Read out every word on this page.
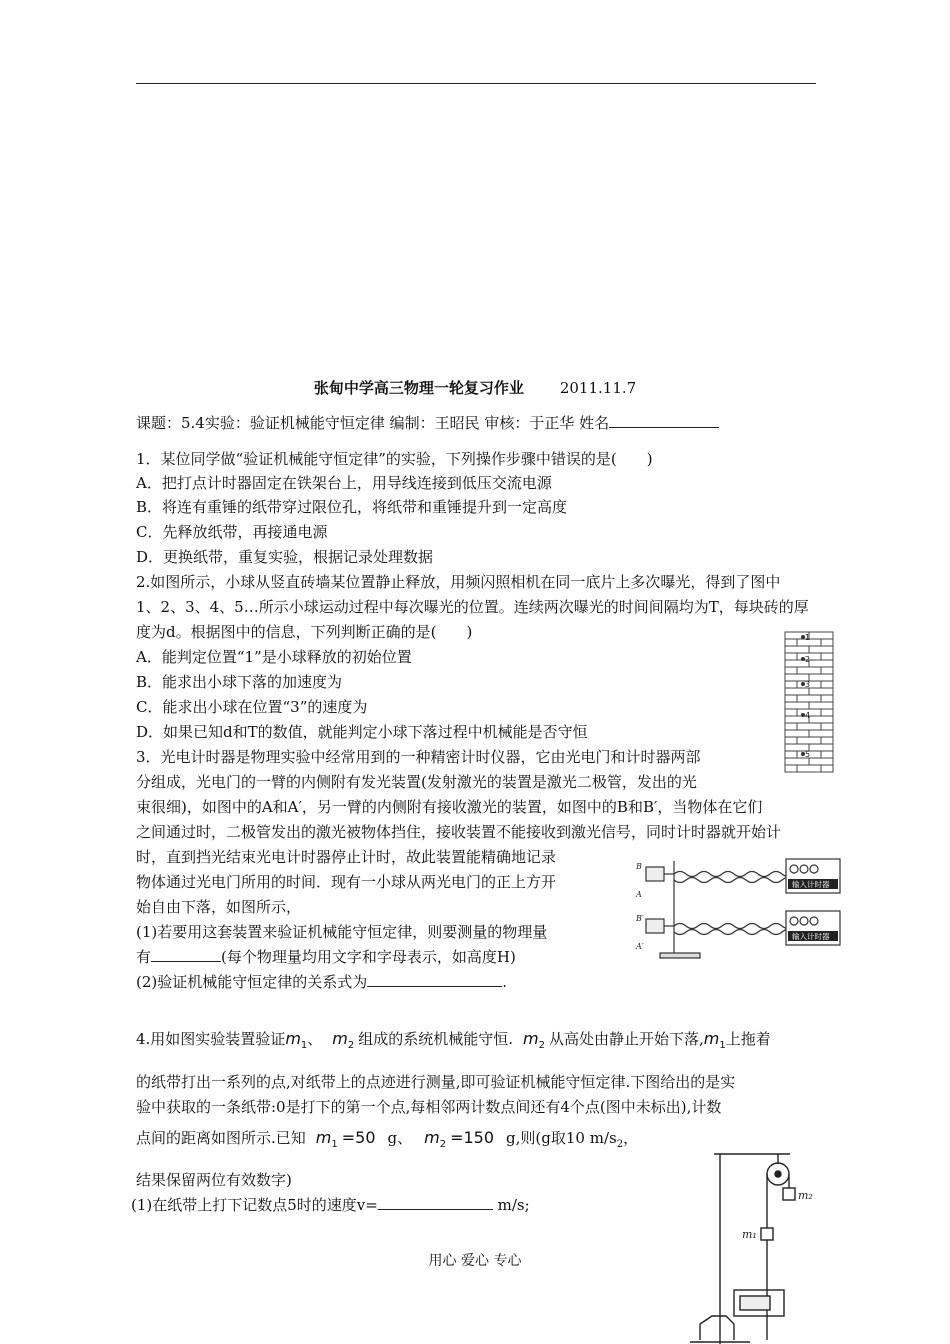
张甸中学高三物理一轮复习作业 2011.11.7
课题：5.4实验：验证机械能守恒定律 编制：王昭民 审核：于正华 姓名
1．某位同学做“验证机械能守恒定律”的实验，下列操作步骤中错误的是(　　)
A．把打点计时器固定在铁架台上，用导线连接到低压交流电源
B．将连有重锤的纸带穿过限位孔，将纸带和重锤提升到一定高度
C．先释放纸带，再接通电源
D．更换纸带，重复实验，根据记录处理数据
2.如图所示，小球从竖直砖墙某位置静止释放，用频闪照相机在同一底片上多次曝光，得到了图中
1、2、3、4、5…所示小球运动过程中每次曝光的位置。连续两次曝光的时间间隔均为T，每块砖的厚
度为d。根据图中的信息，下列判断正确的是(　　)
A．能判定位置“1”是小球释放的初始位置
B．能求出小球下落的加速度为
C．能求出小球在位置“3”的速度为
D．如果已知d和T的数值，就能判定小球下落过程中机械能是否守恒
1
2
3
4
5
3．光电计时器是物理实验中经常用到的一种精密计时仪器，它由光电门和计时器两部
分组成，光电门的一臂的内侧附有发光装置(发射激光的装置是激光二极管，发出的光
束很细)，如图中的A和A′，另一臂的内侧附有接收激光的装置，如图中的B和B′，当物体在它们
之间通过时，二极管发出的激光被物体挡住，接收装置不能接收到激光信号，同时计时器就开始计
时，直到挡光结束光电计时器停止计时，故此装置能精确地记录
物体通过光电门所用的时间．现有一小球从两光电门的正上方开
始自由下落，如图所示，
(1)若要用这套装置来验证机械能守恒定律，则要测量的物理量
有	(每个物理量均用文字和字母表示，如高度H)
(2)验证机械能守恒定律的关系式为	.
输入计时器
输入计时器
B
A
B′
A′
4.用如图实验装置验证$m_1$、 $m_2$ 组成的系统机械能守恒. $m_2$ 从高处由静止开始下落$,m_1$上拖着
的纸带打出一系列的点,对纸带上的点迹进行测量,即可验证机械能守恒定律.下图给出的是实
验中获取的一条纸带:0是打下的第一个点,每相邻两计数点间还有4个点(图中未标出),计数
点间的距离如图所示.已知 $m_1 =50$ g、 $m_2 =150$ g,则(g取10 $m/s_2$，
结果保留两位有效数字)
(1)在纸带上打下记数点5时的速度v=	m/s;
m₂
m₁
用心 爱心 专心
